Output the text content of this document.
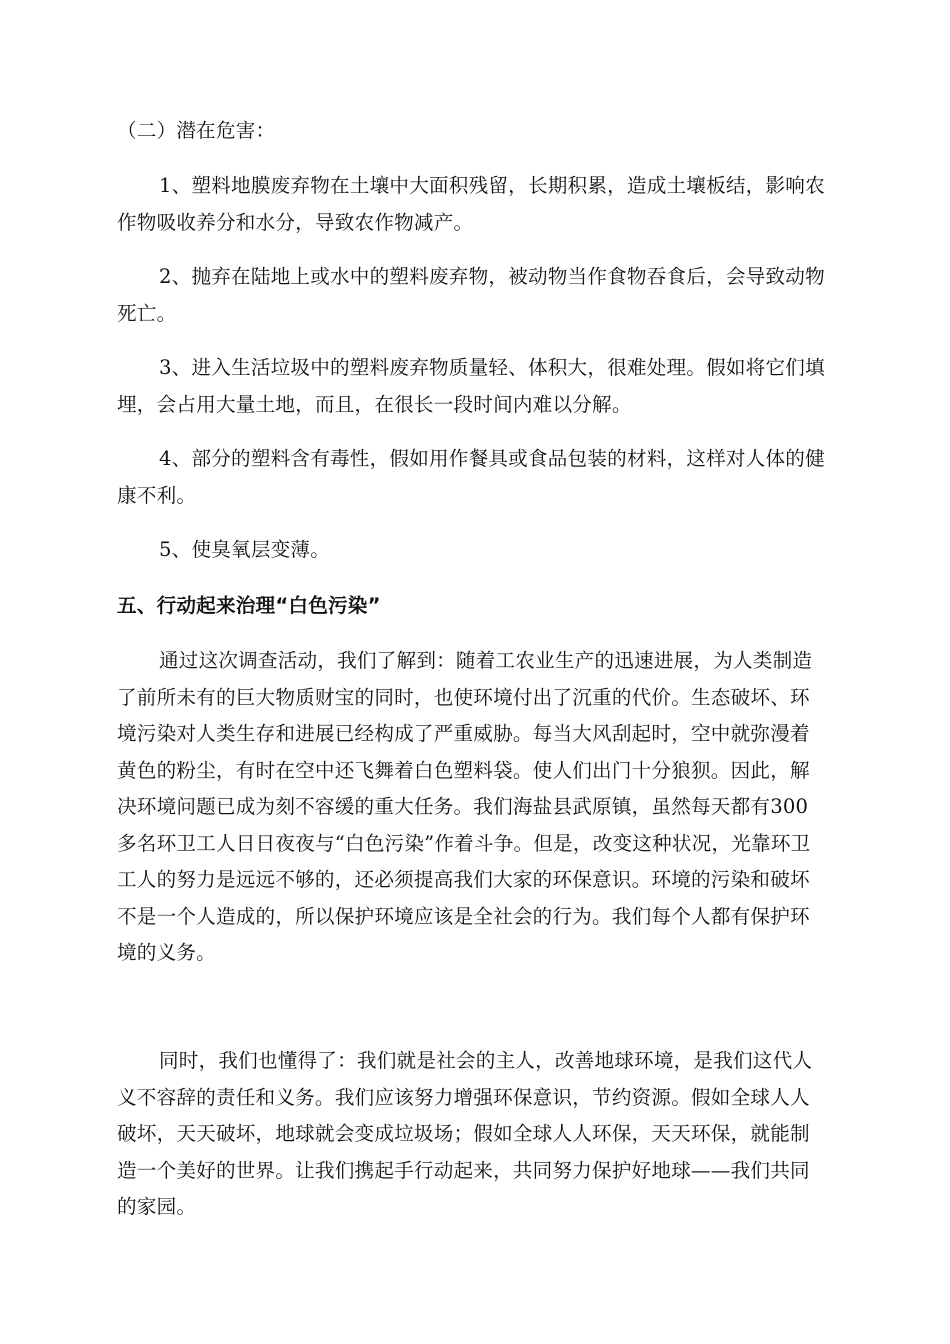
（二）潜在危害：

1、塑料地膜废弃物在土壤中大面积残留，长期积累，造成土壤板结，影响农作物吸收养分和水分，导致农作物减产。

2、抛弃在陆地上或水中的塑料废弃物，被动物当作食物吞食后，会导致动物死亡。

3、进入生活垃圾中的塑料废弃物质量轻、体积大，很难处理。假如将它们填埋，会占用大量土地，而且，在很长一段时间内难以分解。

4、部分的塑料含有毒性，假如用作餐具或食品包装的材料，这样对人体的健康不利。

5、使臭氧层变薄。

五、行动起来治理“白色污染”

通过这次调查活动，我们了解到：随着工农业生产的迅速进展，为人类制造了前所未有的巨大物质财宝的同时，也使环境付出了沉重的代价。生态破坏、环境污染对人类生存和进展已经构成了严重威胁。每当大风刮起时，空中就弥漫着黄色的粉尘，有时在空中还飞舞着白色塑料袋。使人们出门十分狼狈。因此，解决环境问题已成为刻不容缓的重大任务。我们海盐县武原镇，虽然每天都有300多名环卫工人日日夜夜与“白色污染”作着斗争。但是，改变这种状况，光靠环卫工人的努力是远远不够的，还必须提高我们大家的环保意识。环境的污染和破坏不是一个人造成的，所以保护环境应该是全社会的行为。我们每个人都有保护环境的义务。

同时，我们也懂得了：我们就是社会的主人，改善地球环境，是我们这代人义不容辞的责任和义务。我们应该努力增强环保意识，节约资源。假如全球人人破坏，天天破坏，地球就会变成垃圾场；假如全球人人环保，天天环保，就能制造一个美好的世界。让我们携起手行动起来，共同努力保护好地球——我们共同的家园。
